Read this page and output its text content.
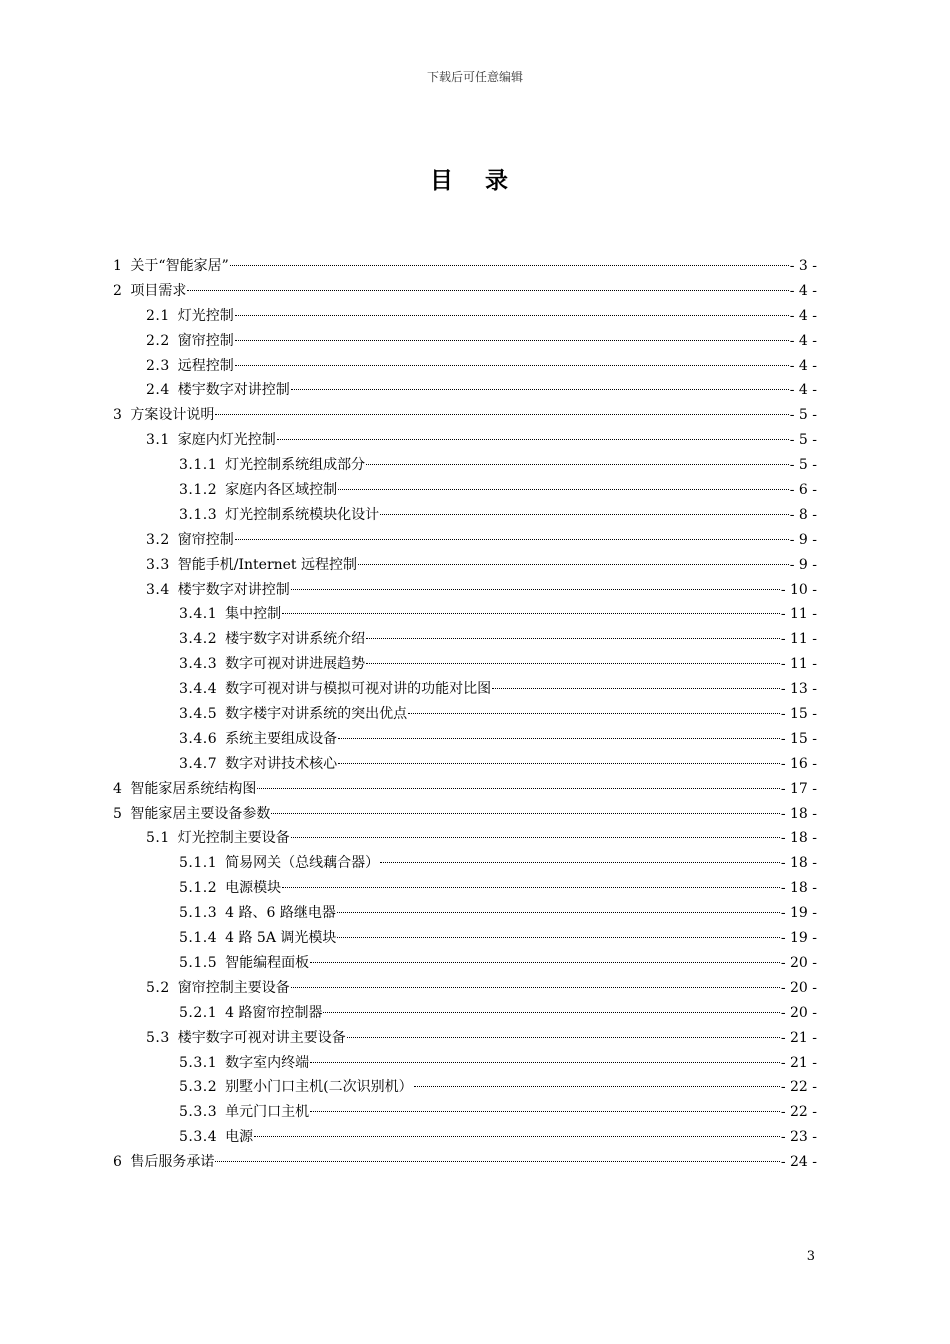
下载后可任意编辑
目 录
1 关于“智能家居”	- 3 -
2 项目需求	- 4 -
2.1 灯光控制	- 4 -
2.2 窗帘控制	- 4 -
2.3 远程控制	- 4 -
2.4 楼宇数字对讲控制	- 4 -
3 方案设计说明	- 5 -
3.1 家庭内灯光控制	- 5 -
3.1.1 灯光控制系统组成部分	- 5 -
3.1.2 家庭内各区域控制	- 6 -
3.1.3 灯光控制系统模块化设计	- 8 -
3.2 窗帘控制	- 9 -
3.3 智能手机/Internet 远程控制	- 9 -
3.4 楼宇数字对讲控制	- 10 -
3.4.1 集中控制	- 11 -
3.4.2 楼宇数字对讲系统介绍	- 11 -
3.4.3 数字可视对讲进展趋势	- 11 -
3.4.4 数字可视对讲与模拟可视对讲的功能对比图	- 13 -
3.4.5 数字楼宇对讲系统的突出优点	- 15 -
3.4.6 系统主要组成设备	- 15 -
3.4.7 数字对讲技术核心	- 16 -
4 智能家居系统结构图	- 17 -
5 智能家居主要设备参数	- 18 -
5.1 灯光控制主要设备	- 18 -
5.1.1 简易网关（总线藕合器）	- 18 -
5.1.2 电源模块	- 18 -
5.1.3 4 路、6 路继电器	- 19 -
5.1.4 4 路 5A 调光模块	- 19 -
5.1.5 智能编程面板	- 20 -
5.2 窗帘控制主要设备	- 20 -
5.2.1 4 路窗帘控制器	- 20 -
5.3 楼宇数字可视对讲主要设备	- 21 -
5.3.1 数字室内终端	- 21 -
5.3.2 别墅小门口主机(二次识别机）	- 22 -
5.3.3 单元门口主机	- 22 -
5.3.4 电源	- 23 -
6 售后服务承诺	- 24 -
3
